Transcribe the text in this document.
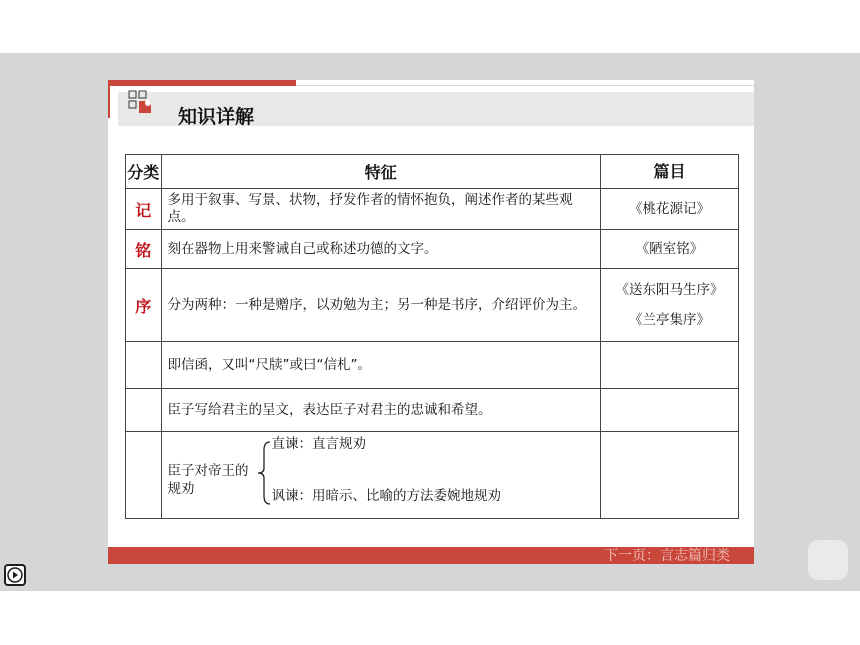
知识详解
分类	特征	篇目
记	多用于叙事、写景、状物，抒发作者的情怀抱负，阐述作者的某些观点。	《桃花源记》

铭	刻在器物上用来警诫自己或称述功德的文字。	《陋室铭》

序	分为两种：一种是赠序，以劝勉为主；另一种是书序，介绍评价为主。	《送东阳马生序》
《兰亭集序》

	即信函，又叫“尺牍”或曰“信札”。	
	臣子写给君主的呈文，表达臣子对君主的忠诚和希望。	

	臣子对帝王的规劝
直谏：直言规劝
讽谏：用暗示、比喻的方法委婉地规劝	

下一页：言志篇归类
